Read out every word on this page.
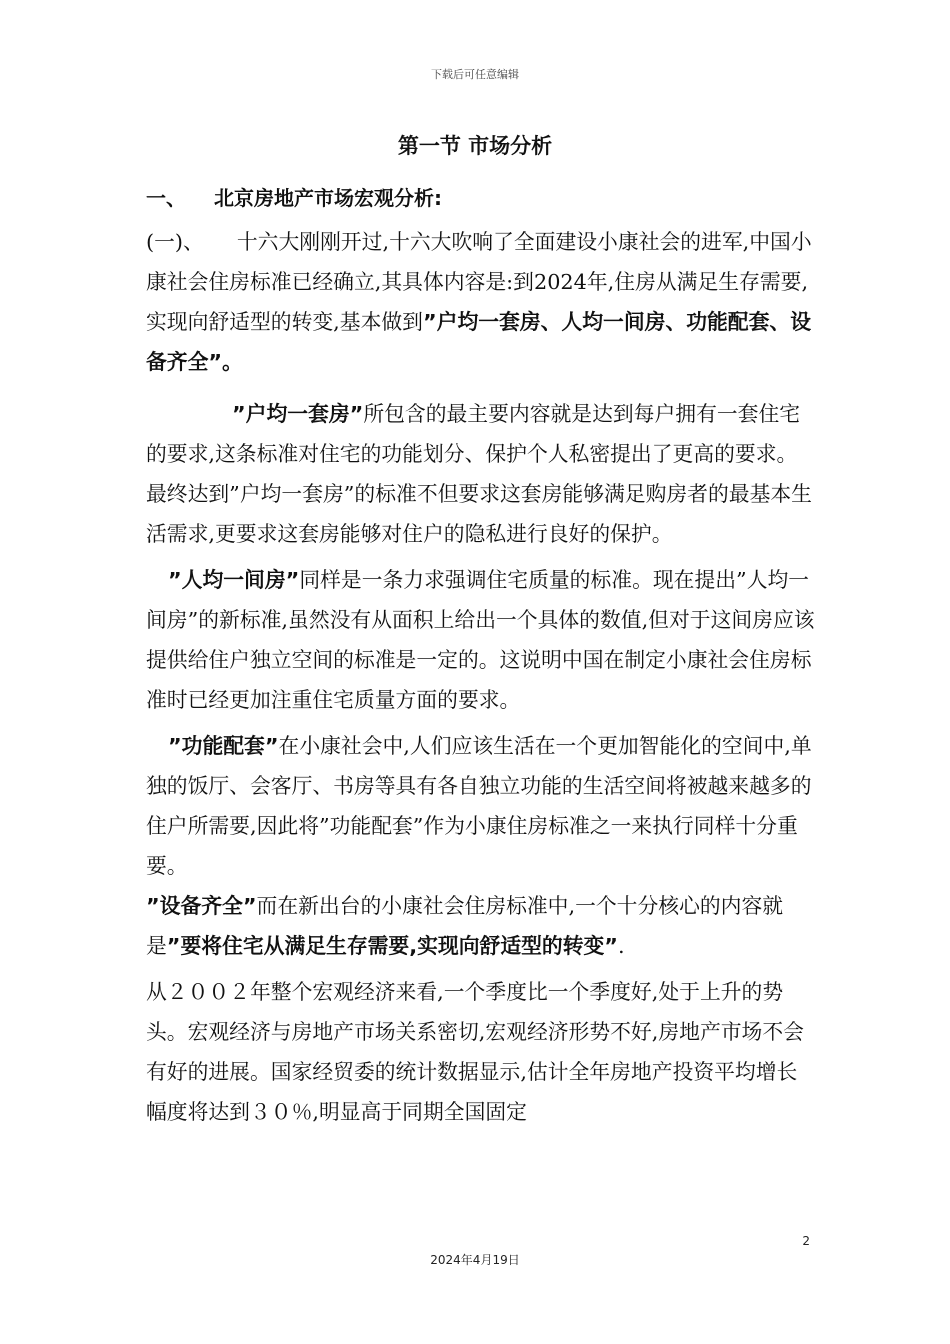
下载后可任意编辑
第一节 市场分析
一、 北京房地产市场宏观分析:

(一)、 十六大刚刚开过,十六大吹响了全面建设小康社会的进军,中国小康社会住房标准已经确立,其具体内容是:到2024年,住房从满足生存需要,实现向舒适型的转变,基本做到”户均一套房、人均一间房、功能配套、设备齐全”。

”户均一套房”所包含的最主要内容就是达到每户拥有一套住宅的要求,这条标准对住宅的功能划分、保护个人私密提出了更高的要求。最终达到”户均一套房”的标准不但要求这套房能够满足购房者的最基本生活需求,更要求这套房能够对住户的隐私进行良好的保护。

”人均一间房”同样是一条力求强调住宅质量的标准。现在提出”人均一间房”的新标准,虽然没有从面积上给出一个具体的数值,但对于这间房应该提供给住户独立空间的标准是一定的。这说明中国在制定小康社会住房标准时已经更加注重住宅质量方面的要求。

”功能配套”在小康社会中,人们应该生活在一个更加智能化的空间中,单独的饭厅、会客厅、书房等具有各自独立功能的生活空间将被越来越多的住户所需要,因此将”功能配套”作为小康住房标准之一来执行同样十分重要。

”设备齐全”而在新出台的小康社会住房标准中,一个十分核心的内容就是”要将住宅从满足生存需要,实现向舒适型的转变”.

从２００２年整个宏观经济来看,一个季度比一个季度好,处于上升的势头。宏观经济与房地产市场关系密切,宏观经济形势不好,房地产市场不会有好的进展。国家经贸委的统计数据显示,估计全年房地产投资平均增长幅度将达到３０％,明显高于同期全国固定

2
2024年4月19日
